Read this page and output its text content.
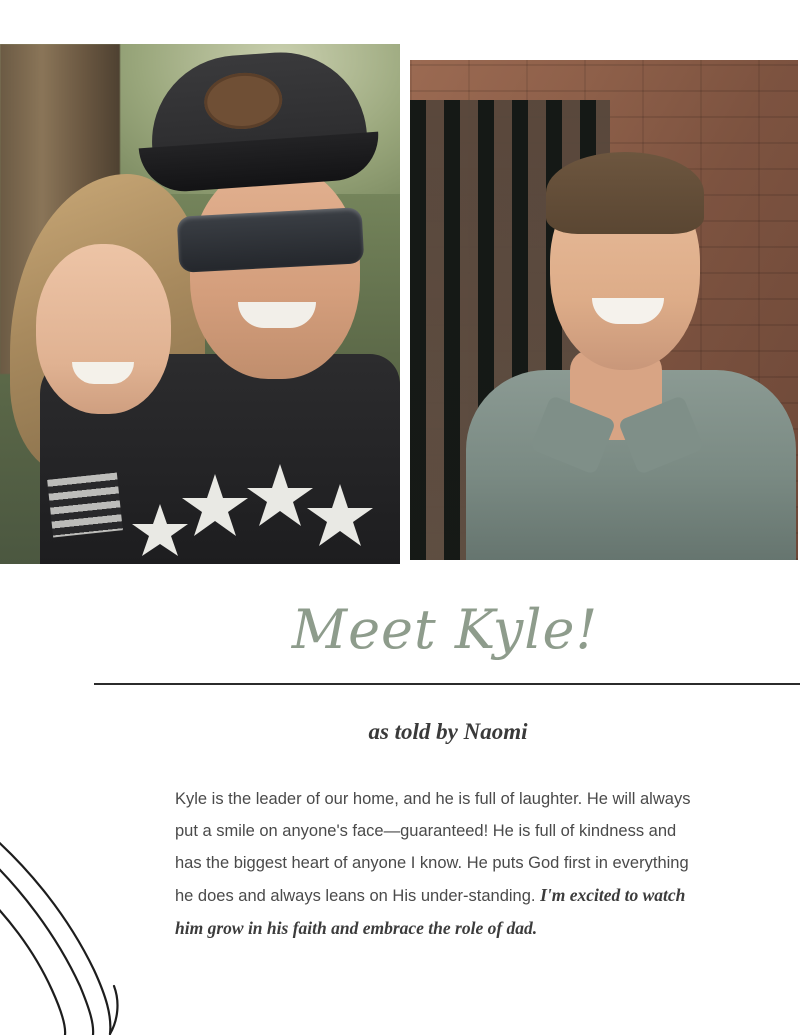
Meet Kyle!
as told by Naomi

Kyle is the leader of our home, and he is full of laughter. He will always put a smile on anyone's face—guaranteed! He is full of kindness and has the biggest heart of anyone I know. He puts God first in everything he does and always leans on His under-standing. I'm excited to watch him grow in his faith and embrace the role of dad.
